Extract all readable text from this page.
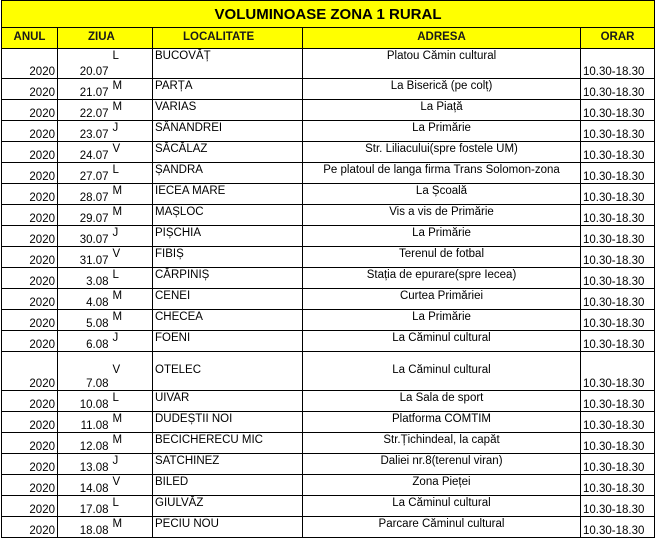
VOLUMINOASE ZONA 1 RURAL					
ANUL	ZIUA		LOCALITATE	ADRESA	ORAR
2020	20.07	L	BUCOVĂȚ	Platou Cămin cultural	10.30-18.30
2020	21.07	M	PARȚA	La Biserică (pe colț)	10.30-18.30
2020	22.07	M	VARIAS	La Piață	10.30-18.30
2020	23.07	J	SÂNANDREI	La Primărie	10.30-18.30
2020	24.07	V	SĂCĂLAZ	Str. Liliacului(spre fostele UM)	10.30-18.30
2020	27.07	L	ȘANDRA	Pe platoul de langa firma Trans Solomon-zona	10.30-18.30
2020	28.07	M	IECEA MARE	La Școală	10.30-18.30
2020	29.07	M	MAȘLOC	Vis a vis de Primărie	10.30-18.30
2020	30.07	J	PIȘCHIA	La Primărie	10.30-18.30
2020	31.07	V	FIBIȘ	Terenul de fotbal	10.30-18.30
2020	3.08	L	CĂRPINIȘ	Stația de epurare(spre Iecea)	10.30-18.30
2020	4.08	M	CENEI	Curtea Primăriei	10.30-18.30
2020	5.08	M	CHECEA	La Primărie	10.30-18.30
2020	6.08	J	FOENI	La Căminul cultural	10.30-18.30
2020	7.08	V	OTELEC	La Căminul cultural	10.30-18.30
2020	10.08	L	UIVAR	La Sala de sport	10.30-18.30
2020	11.08	M	DUDEȘTII NOI	Platforma COMTIM	10.30-18.30
2020	12.08	M	BECICHERECU MIC	Str.Țichindeal, la capăt	10.30-18.30
2020	13.08	J	SATCHINEZ	Daliei nr.8(terenul viran)	10.30-18.30
2020	14.08	V	BILED	Zona Pieței	10.30-18.30
2020	17.08	L	GIULVĂZ	La Căminul cultural	10.30-18.30
2020	18.08	M	PECIU NOU	Parcare Căminul cultural	10.30-18.30
